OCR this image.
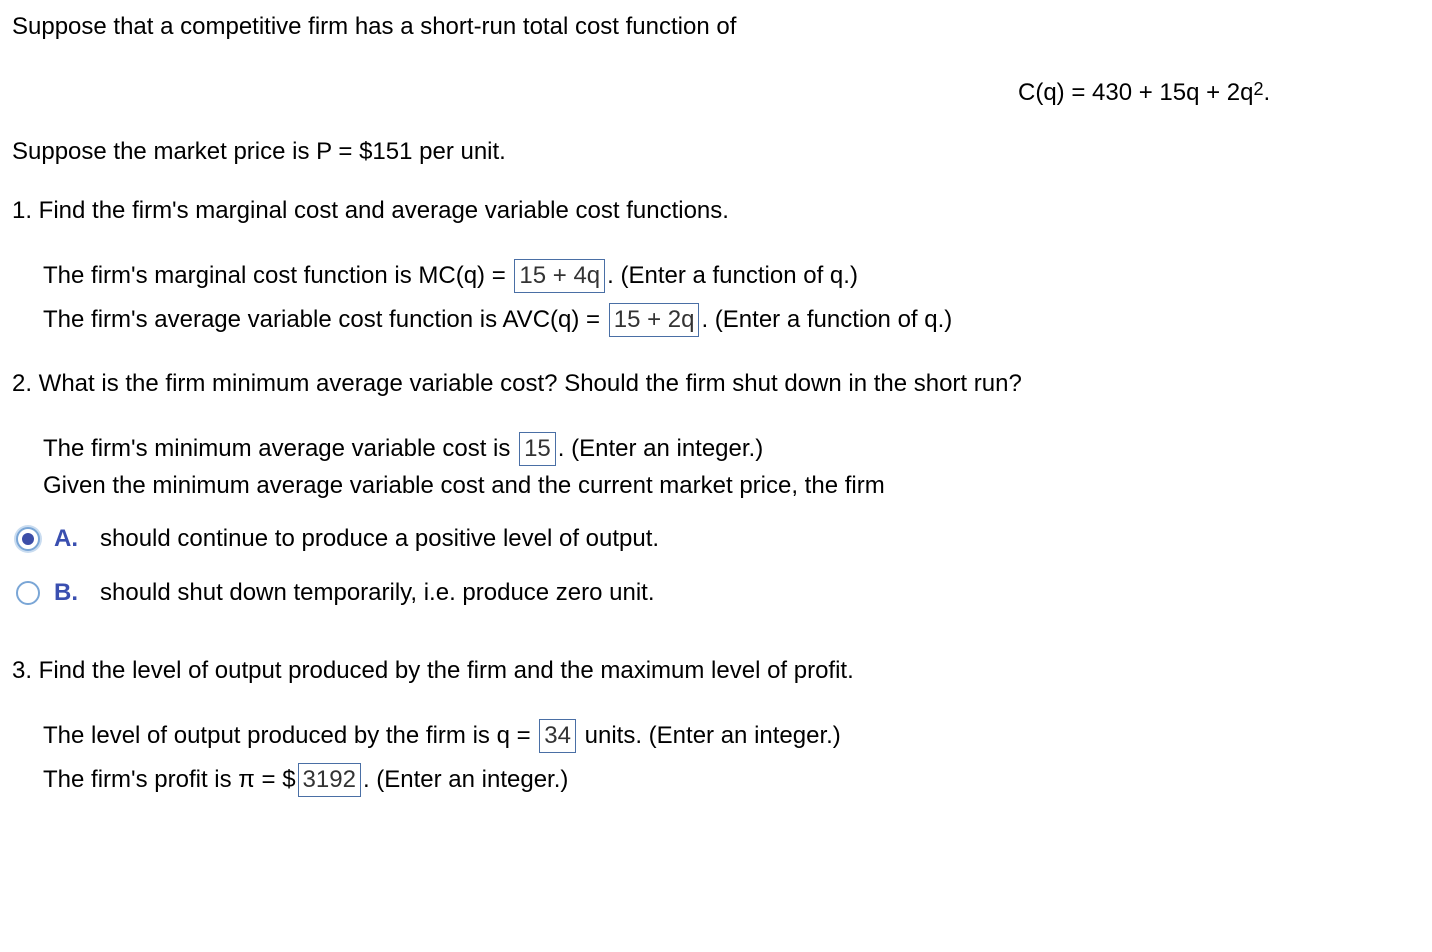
Suppose that a competitive firm has a short-run total cost function of
$C(q) = 430 + 15q + 2q^2$.
Suppose the market price is P = $151 per unit.
1. Find the firm's marginal cost and average variable cost functions.
The firm's marginal cost function is MC(q) = 15 + 4q . (Enter a function of q.)
The firm's average variable cost function is AVC(q) = 15 + 2q . (Enter a function of q.)
2. What is the firm minimum average variable cost? Should the firm shut down in the short run?
The firm's minimum average variable cost is 15 . (Enter an integer.)
Given the minimum average variable cost and the current market price, the firm
A. should continue to produce a positive level of output.
B. should shut down temporarily, i.e. produce zero unit.
3. Find the level of output produced by the firm and the maximum level of profit.
The level of output produced by the firm is q = 34 units. (Enter an integer.)
The firm's profit is π = $ 3192 . (Enter an integer.)
